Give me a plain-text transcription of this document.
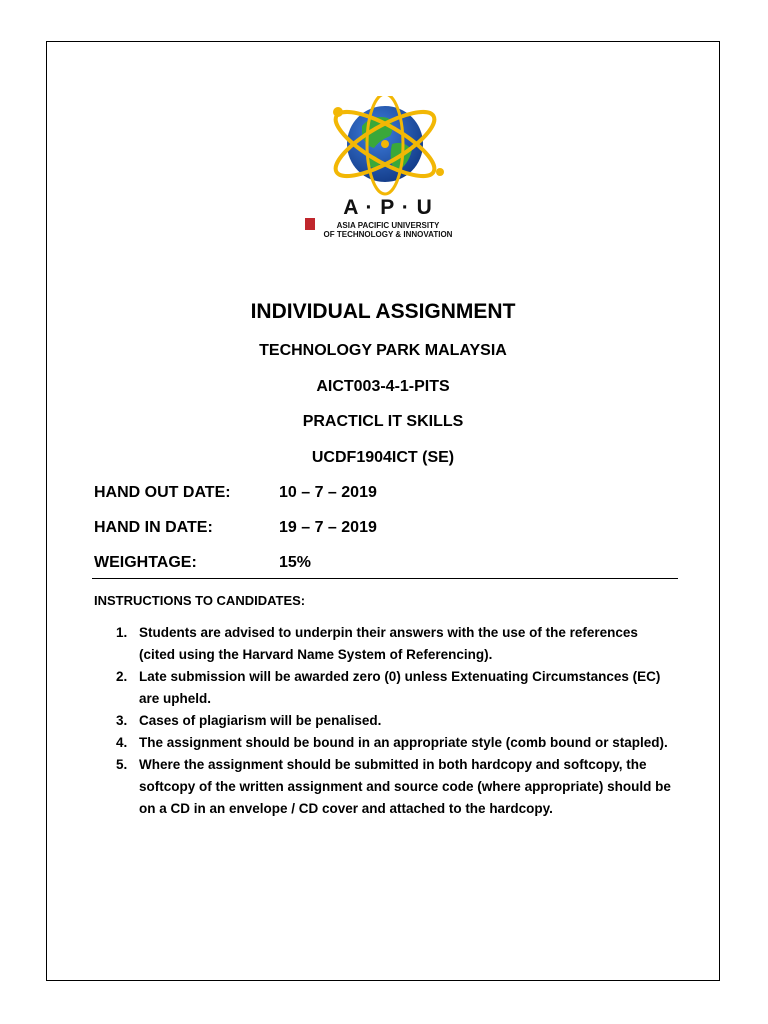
A · P · U
ASIA PACIFIC UNIVERSITY
OF TECHNOLOGY & INNOVATION

INDIVIDUAL ASSIGNMENT

TECHNOLOGY PARK MALAYSIA

AICT003-4-1-PITS

PRACTICL IT SKILLS

UCDF1904ICT (SE)

HAND OUT DATE:	10 – 7 – 2019
HAND IN DATE:	19 – 7 – 2019
WEIGHTAGE:	15%

INSTRUCTIONS TO CANDIDATES:

1. Students are advised to underpin their answers with the use of the references (cited using the Harvard Name System of Referencing).
2. Late submission will be awarded zero (0) unless Extenuating Circumstances (EC) are upheld.
3. Cases of plagiarism will be penalised.
4. The assignment should be bound in an appropriate style (comb bound or stapled).
5. Where the assignment should be submitted in both hardcopy and softcopy, the softcopy of the written assignment and source code (where appropriate) should be on a CD in an envelope / CD cover and attached to the hardcopy.
